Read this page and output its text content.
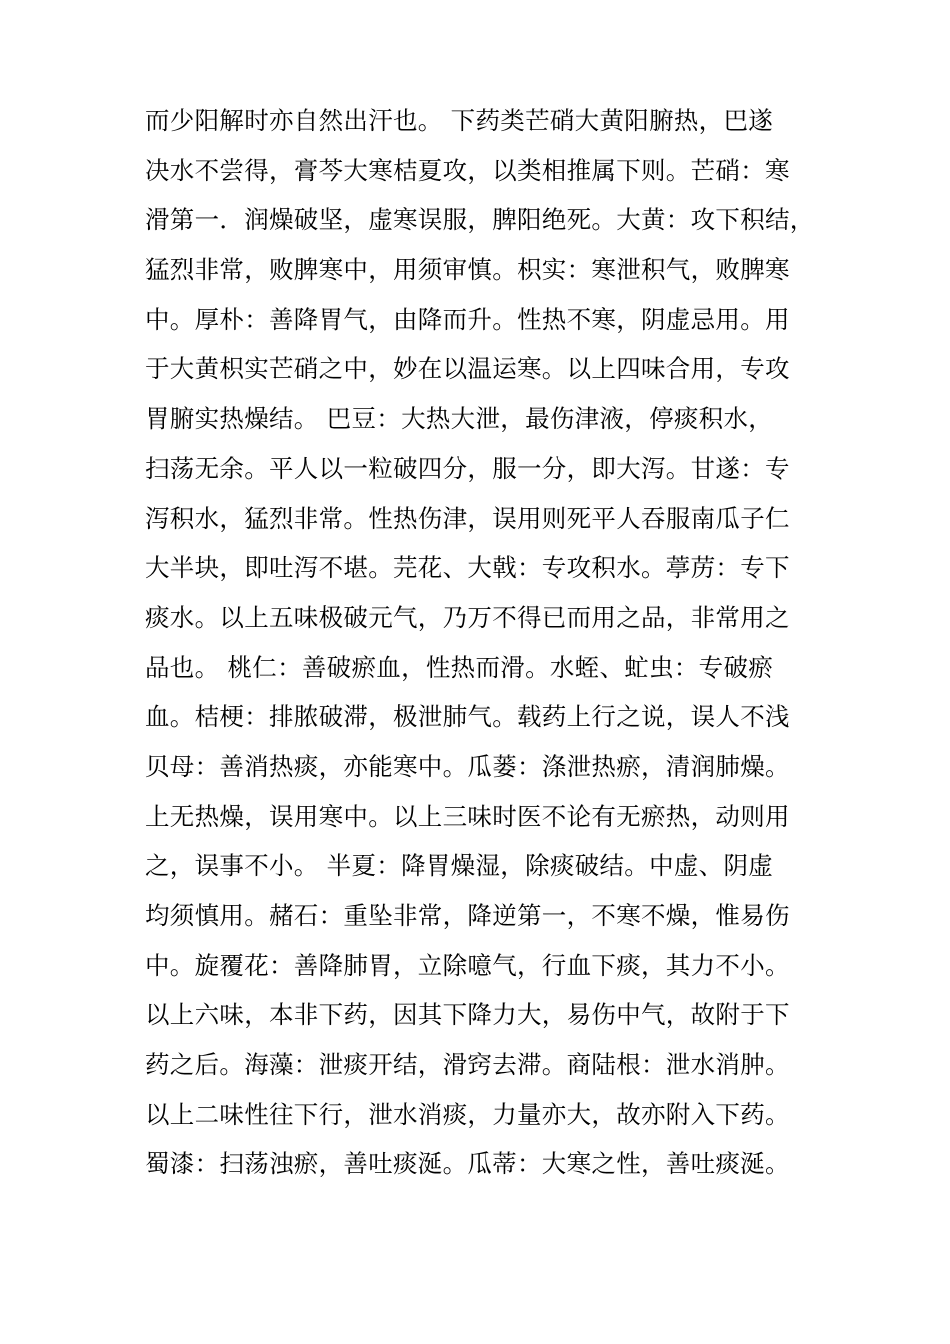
而少阳解时亦自然出汗也。 下药类芒硝大黄阳腑热，巴遂
决水不尝得，膏芩大寒桔夏攻，以类相推属下则。芒硝：寒
滑第一．润燥破坚，虚寒误服，脾阳绝死。大黄：攻下积结，
猛烈非常，败脾寒中，用须审慎。枳实：寒泄积气，败脾寒
中。厚朴：善降胃气，由降而升。性热不寒，阴虚忌用。用
于大黄枳实芒硝之中，妙在以温运寒。以上四味合用，专攻
胃腑实热燥结。 巴豆：大热大泄，最伤津液，停痰积水，
扫荡无余。平人以一粒破四分，服一分，即大泻。甘遂：专
泻积水，猛烈非常。性热伤津，误用则死平人吞服南瓜子仁
大半块，即吐泻不堪。芫花、大戟：专攻积水。葶苈：专下
痰水。以上五味极破元气，乃万不得已而用之品，非常用之
品也。 桃仁：善破瘀血，性热而滑。水蛭、虻虫：专破瘀
血。桔梗：排脓破滞，极泄肺气。载药上行之说，误人不浅
贝母：善消热痰，亦能寒中。瓜蒌：涤泄热瘀，清润肺燥。
上无热燥，误用寒中。以上三味时医不论有无瘀热，动则用
之，误事不小。 半夏：降胃燥湿，除痰破结。中虚、阴虚
均须慎用。赭石：重坠非常，降逆第一，不寒不燥，惟易伤
中。旋覆花：善降肺胃，立除噫气，行血下痰，其力不小。
以上六味，本非下药，因其下降力大，易伤中气，故附于下
药之后。海藻：泄痰开结，滑窍去滞。商陆根：泄水消肿。
以上二味性往下行，泄水消痰，力量亦大，故亦附入下药。
蜀漆：扫荡浊瘀，善吐痰涎。瓜蒂：大寒之性，善吐痰涎。
